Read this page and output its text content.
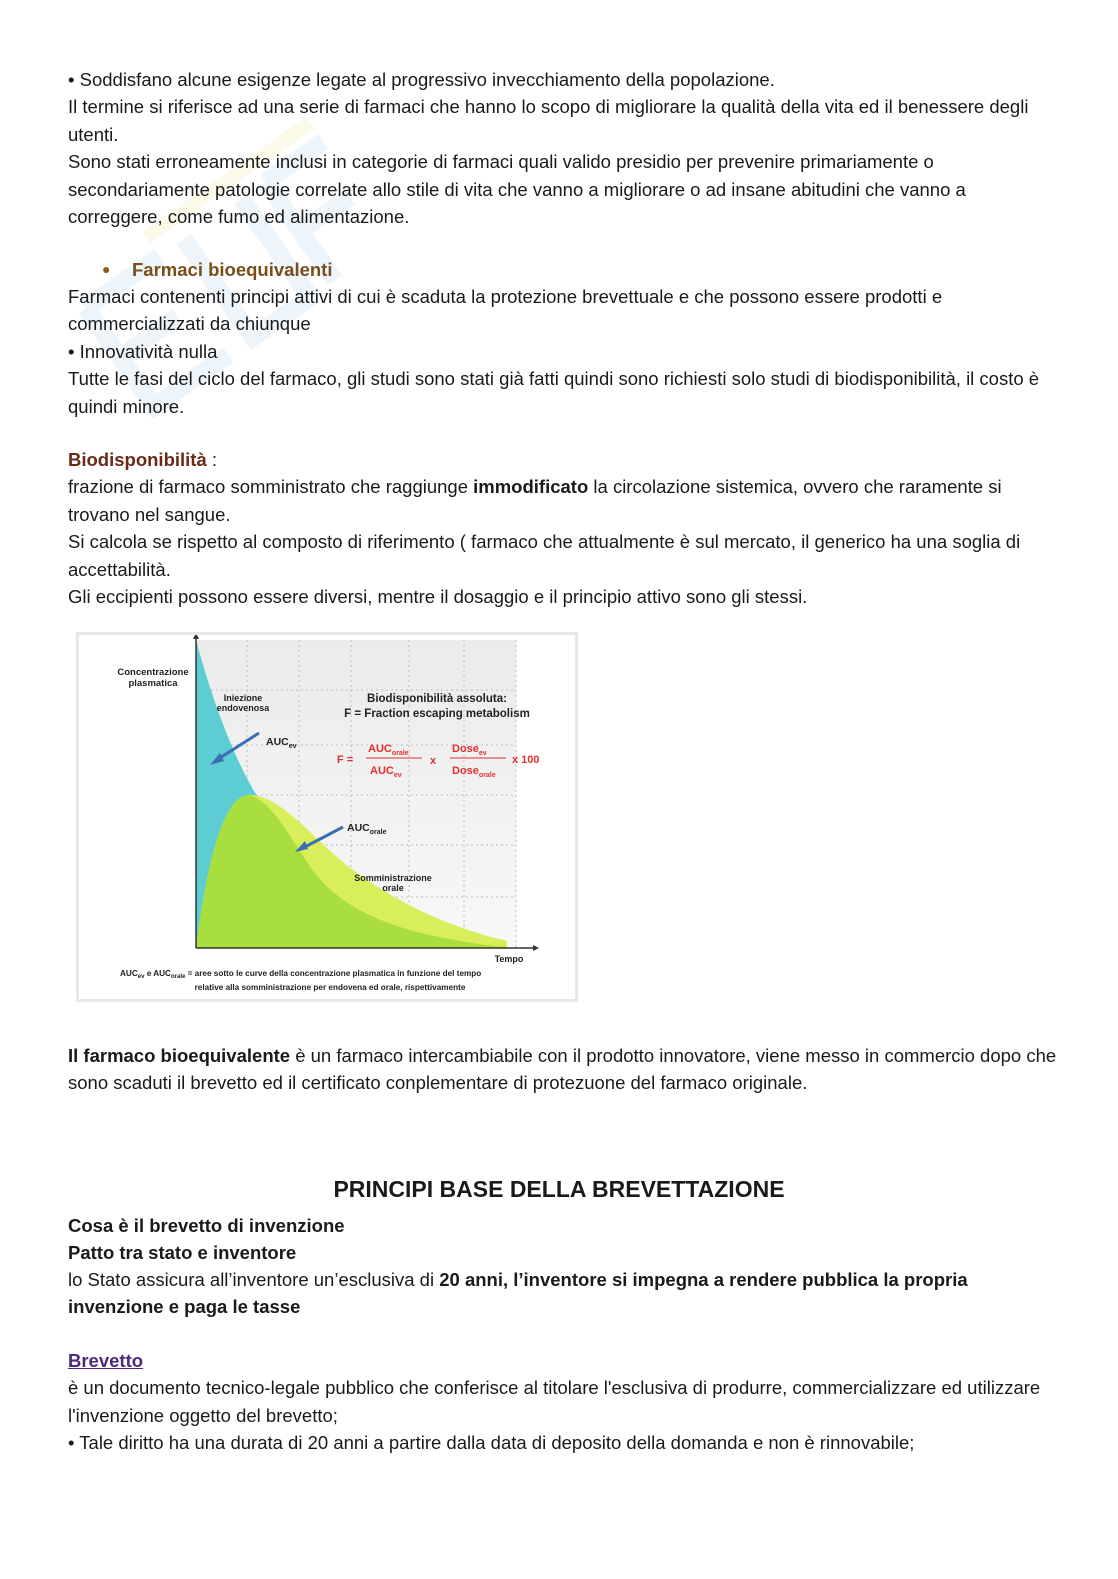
• Soddisfano alcune esigenze legate al progressivo invecchiamento della popolazione.
Il termine si riferisce ad una serie di farmaci che hanno lo scopo di migliorare la qualità della vita ed il benessere degli utenti.
Sono stati erroneamente inclusi in categorie di farmaci quali valido presidio per prevenire primariamente o secondariamente patologie correlate allo stile di vita che vanno a migliorare o ad insane abitudini che vanno a correggere, come fumo ed alimentazione.

● Farmaci bioequivalenti

Farmaci contenenti principi attivi di cui è scaduta la protezione brevettuale e che possono essere prodotti e commercializzati da chiunque
• Innovatività nulla
Tutte le fasi del ciclo del farmaco, gli studi sono stati già fatti quindi sono richiesti solo studi di biodisponibilità, il costo è quindi minore.

Biodisponibilità :
frazione di farmaco somministrato che raggiunge immodificato la circolazione sistemica, ovvero che raramente si trovano nel sangue.
Si calcola se rispetto al composto di riferimento ( farmaco che attualmente è sul mercato, il generico ha una soglia di accettabilità.
Gli eccipienti possono essere diversi, mentre il dosaggio e il principio attivo sono gli stessi.

Concentrazione
plasmatica
Iniezione
endovenosa
Biodisponibilità assoluta:
F = Fraction escaping metabolism
$AUC_{ev}$
$AUC_{orale}$
F =
$AUC_{orale}$
$AUC_{ev}$
x
Dose$_{ev}$
Dose$_{orale}$
x 100
Somministrazione
orale
Tempo
$AUC_{ev}$ e $AUC_{orale}$ = aree sotto le curve della concentrazione plasmatica in funzione del tempo
relative alla somministrazione per endovena ed orale, rispettivamente

Il farmaco bioequivalente è un farmaco intercambiabile con il prodotto innovatore, viene messo in commercio dopo che sono scaduti il brevetto ed il certificato conplementare di protezuone del farmaco originale.

PRINCIPI BASE DELLA BREVETTAZIONE

Cosa è il brevetto di invenzione

Patto tra stato e inventore

lo Stato assicura all’inventore un’esclusiva di 20 anni, l’inventore si impegna a rendere pubblica la propria invenzione e paga le tasse

Brevetto
è un documento tecnico-legale pubblico che conferisce al titolare l'esclusiva di produrre, commercializzare ed utilizzare l'invenzione oggetto del brevetto;
• Tale diritto ha una durata di 20 anni a partire dalla data di deposito della domanda e non è rinnovabile;
